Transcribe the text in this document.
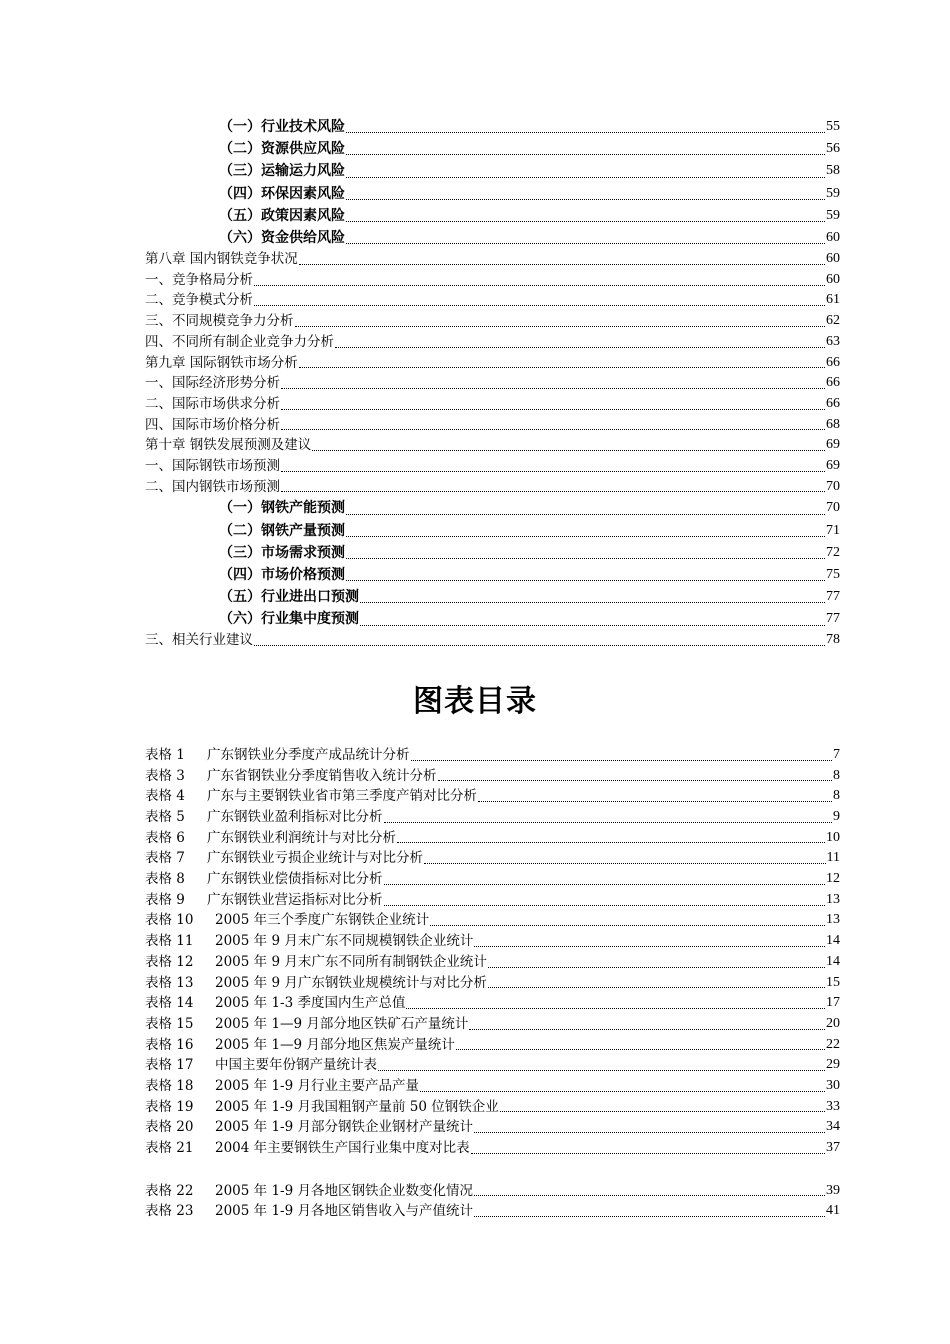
（一）行业技术风险	55
（二）资源供应风险	56
（三）运输运力风险	58
（四）环保因素风险	59
（五）政策因素风险	59
（六）资金供给风险	60
第八章 国内钢铁竞争状况	60
一、竞争格局分析	60
二、竞争模式分析	61
三、不同规模竞争力分析	62
四、不同所有制企业竞争力分析	63
第九章 国际钢铁市场分析	66
一、国际经济形势分析	66
二、国际市场供求分析	66
四、国际市场价格分析	68
第十章 钢铁发展预测及建议	69
一、国际钢铁市场预测	69
二、国内钢铁市场预测	70
（一）钢铁产能预测	70
（二）钢铁产量预测	71
（三）市场需求预测	72
（四）市场价格预测	75
（五）行业进出口预测	77
（六）行业集中度预测	77
三、相关行业建议	78
图表目录
表格 1	广东钢铁业分季度产成品统计分析	7
表格 3	广东省钢铁业分季度销售收入统计分析	8
表格 4	广东与主要钢铁业省市第三季度产销对比分析	8
表格 5	广东钢铁业盈利指标对比分析	9
表格 6	广东钢铁业利润统计与对比分析	10
表格 7	广东钢铁业亏损企业统计与对比分析	11
表格 8	广东钢铁业偿债指标对比分析	12
表格 9	广东钢铁业营运指标对比分析	13
表格 10	2005 年三个季度广东钢铁企业统计	13
表格 11	2005 年 9 月末广东不同规模钢铁企业统计	14
表格 12	2005 年 9 月末广东不同所有制钢铁企业统计	14
表格 13	2005 年 9 月广东钢铁业规模统计与对比分析	15
表格 14	2005 年 1-3 季度国内生产总值	17
表格 15	2005 年 1—9 月部分地区铁矿石产量统计	20
表格 16	2005 年 1—9 月部分地区焦炭产量统计	22
表格 17	中国主要年份钢产量统计表	29
表格 18	2005 年 1-9 月行业主要产品产量	30
表格 19	2005 年 1-9 月我国粗钢产量前 50 位钢铁企业	33
表格 20	2005 年 1-9 月部分钢铁企业钢材产量统计	34
表格 21	2004 年主要钢铁生产国行业集中度对比表	37
表格 22	2005 年 1-9 月各地区钢铁企业数变化情况	39
表格 23	2005 年 1-9 月各地区销售收入与产值统计	41
